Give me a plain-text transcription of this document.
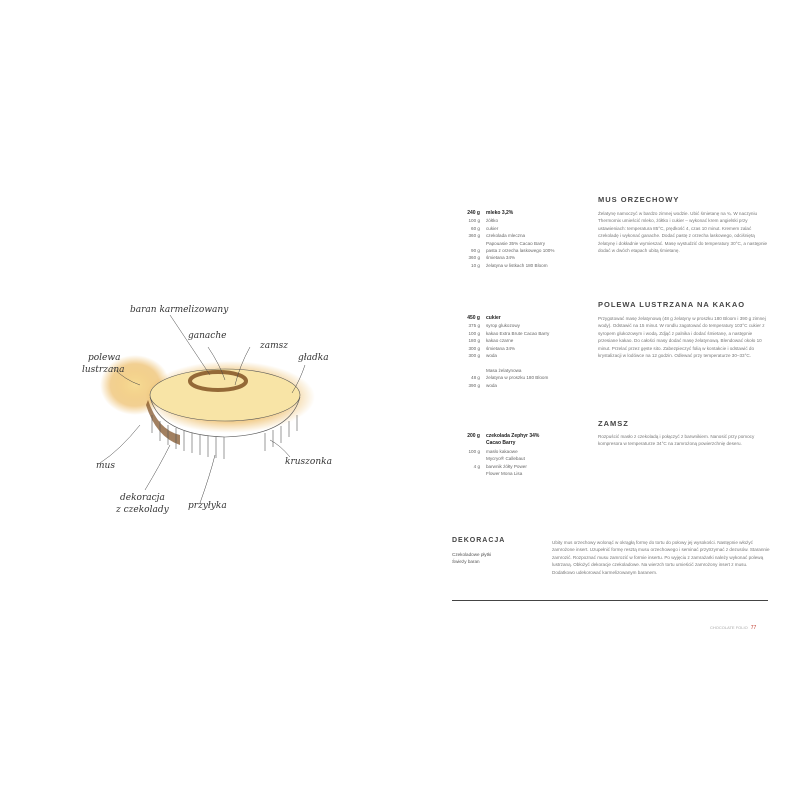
baran karmelizowany
ganache
zamsz
polewa
lustrzana
gładka
mus	kruszonka
dekoracja
z czekolady przyłyka
MUS ORZECHOWY
240 g	mleko 3,2%
100 g	żółtko
60 g	cukier
360 g	czekolada mleczna
Papouasie 35% Cacao Barry
90 g	pasta z orzecha laskowego 100%
360 g	śmietana 34%
10 g	żelatyna w listkach 180 Bloom
Żelatynę namoczyć w bardzo zimnej wodzie. Ubić śmietanę na ¾. W naczyniu Thermomix umieścić mleko, żółtko i cukier – wykonać krem angielski przy ustawieniach: temperatura 85°C, prędkość 4, czas 10 minut. Kremem zalać czekoladę i wykonać ganache. Dodać pastę z orzecha laskowego, odciśniętą żelatynę i dokładnie wymieszać. Masę wystudzić do temperatury 30°C, a następnie dodać w dwóch etapach ubitą śmietanę.
POLEWA LUSTRZANA NA KAKAO
450 g	cukier
375 g	syrop glukozowy
100 g	kakao Extra Brute Cacao Barry
180 g	kakao czarne
300 g	śmietana 34%
300 g	woda
Masa żelatynowa
48 g	żelatyna w proszku 180 Bloom
390 g	woda
Przygotować masę żelatynową (48 g żelatyny w proszku 180 Bloom i 390 g zimnej wody). Odstawić na 15 minut. W rondlu zagotować do temperatury 103°C cukier z syropem glukozowym i wodą. Zdjąć z palnika i dodać śmietanę, a następnie przesiane kakao. Do całości masy dodać masę żelatynową. Blendować około 10 minut. Przelać przez gęste sito. Zabezpieczyć folią w kontakcie i odstawić do krystalizacji w lodówce na 12 godzin. Odlewać przy temperaturze 30–33°C.
ZAMSZ
200 g	czekolada Zephyr 34%
Cacao Barry
100 g	masło kakaowe
Mycryo® Callebaut
4 g	barwnik żółty Power
Flower Mona Lisa
Rozpuścić masło z czekoladą i połączyć z barwnikiem. Nanosić przy pomocy kompresora w temperaturze 34°C na zamrożoną powierzchnię deseru.
DEKORACJA
Czekoladowe płytki
Świeży baran
Ubity mus orzechowy wolonąć w okrągłą formę do tortu do połowy jej wysokości. Następnie włożyć zamrożone insert. Uzupełnić formę resztą musu orzechowego i seminać przytrzymać z dezusów. Starannie zamrozić. Rozpoznać musu zamrozić w formie insertu. Po wyjęciu z zamrażarki należy wykonać polewą lustrzaną. Obłożyć dekoracje czekoladowe. Na wierzch tortu umieścić zamrożony insert z musu. Dodatkowo udekorować karmelizowanym baranem.
CHOCOLATE FOLIO 77
